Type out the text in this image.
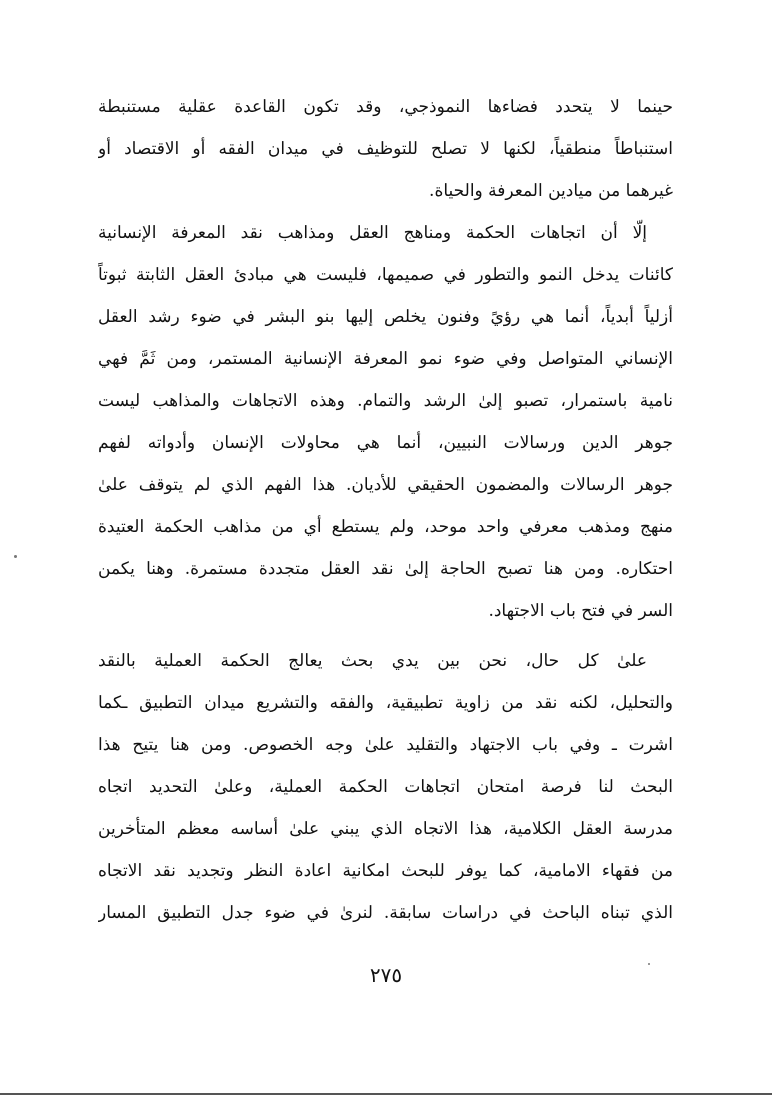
حينما لا يتحدد فضاءها النموذجي، وقد تكون القاعدة عقلية مستنبطة
استنباطاً منطقياً، لكنها لا تصلح للتوظيف في ميدان الفقه أو الاقتصاد أو
غيرهما من ميادين المعرفة والحياة.
إلّا أن اتجاهات الحكمة ومناهج العقل ومذاهب نقد المعرفة الإنسانية
كائنات يدخل النمو والتطور في صميمها، فليست هي مبادئ العقل الثابتة ثبوتاً
أزلياً أبدياً، أنما هي رؤيً وفنون يخلص إليها بنو البشر في ضوء رشد العقل
الإنساني المتواصل وفي ضوء نمو المعرفة الإنسانية المستمر، ومن ثَمَّ فهي
نامية باستمرار، تصبو إلىٰ الرشد والتمام. وهذه الاتجاهات والمذاهب ليست
جوهر الدين ورسالات النبيين، أنما هي محاولات الإنسان وأدواته لفهم
جوهر الرسالات والمضمون الحقيقي للأديان. هذا الفهم الذي لم يتوقف علىٰ
منهج ومذهب معرفي واحد موحد، ولم يستطع أي من مذاهب الحكمة العتيدة
احتكاره. ومن هنا تصبح الحاجة إلىٰ نقد العقل متجددة مستمرة. وهنا يكمن
السر في فتح باب الاجتهاد.
علىٰ كل حال، نحن بين يدي بحث يعالج الحكمة العملية بالنقد
والتحليل، لكنه نقد من زاوية تطبيقية، والفقه والتشريع ميدان التطبيق ـكما
اشرت ـ وفي باب الاجتهاد والتقليد علىٰ وجه الخصوص. ومن هنا يتيح هذا
البحث لنا فرصة امتحان اتجاهات الحكمة العملية، وعلىٰ التحديد اتجاه
مدرسة العقل الكلامية، هذا الاتجاه الذي يبني علىٰ أساسه معظم المتأخرين
من فقهاء الامامية، كما يوفر للبحث امكانية اعادة النظر وتجديد نقد الاتجاه
الذي تبناه الباحث في دراسات سابقة. لنرىٰ في ضوء جدل التطبيق المسار
٢٧٥
